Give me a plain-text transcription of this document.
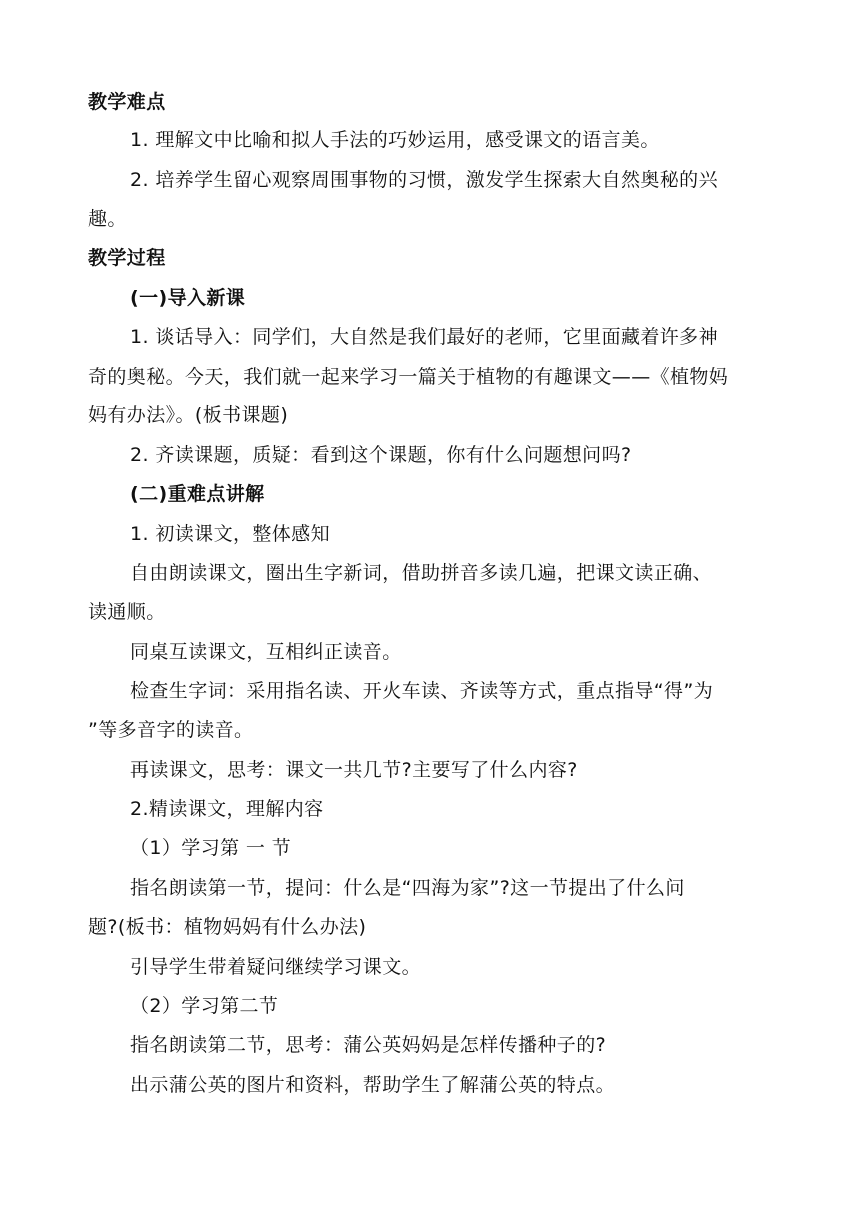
教学难点
1. 理解文中比喻和拟人手法的巧妙运用，感受课文的语言美。
2. 培养学生留心观察周围事物的习惯，激发学生探索大自然奥秘的兴
趣。
教学过程
(一)导入新课
1. 谈话导入：同学们，大自然是我们最好的老师，它里面藏着许多神
奇的奥秘。今天，我们就一起来学习一篇关于植物的有趣课文——《植物妈
妈有办法》。(板书课题)
2. 齐读课题，质疑：看到这个课题，你有什么问题想问吗?
(二)重难点讲解
1. 初读课文，整体感知
自由朗读课文，圈出生字新词，借助拼音多读几遍，把课文读正确、
读通顺。
同桌互读课文，互相纠正读音。
检查生字词：采用指名读、开火车读、齐读等方式，重点指导“得”为
”等多音字的读音。
再读课文，思考：课文一共几节?主要写了什么内容?
2.精读课文，理解内容
（1）学习第 一 节
指名朗读第一节，提问：什么是“四海为家”?这一节提出了什么问
题?(板书：植物妈妈有什么办法)
引导学生带着疑问继续学习课文。
（2）学习第二节
指名朗读第二节，思考：蒲公英妈妈是怎样传播种子的?
出示蒲公英的图片和资料，帮助学生了解蒲公英的特点。
